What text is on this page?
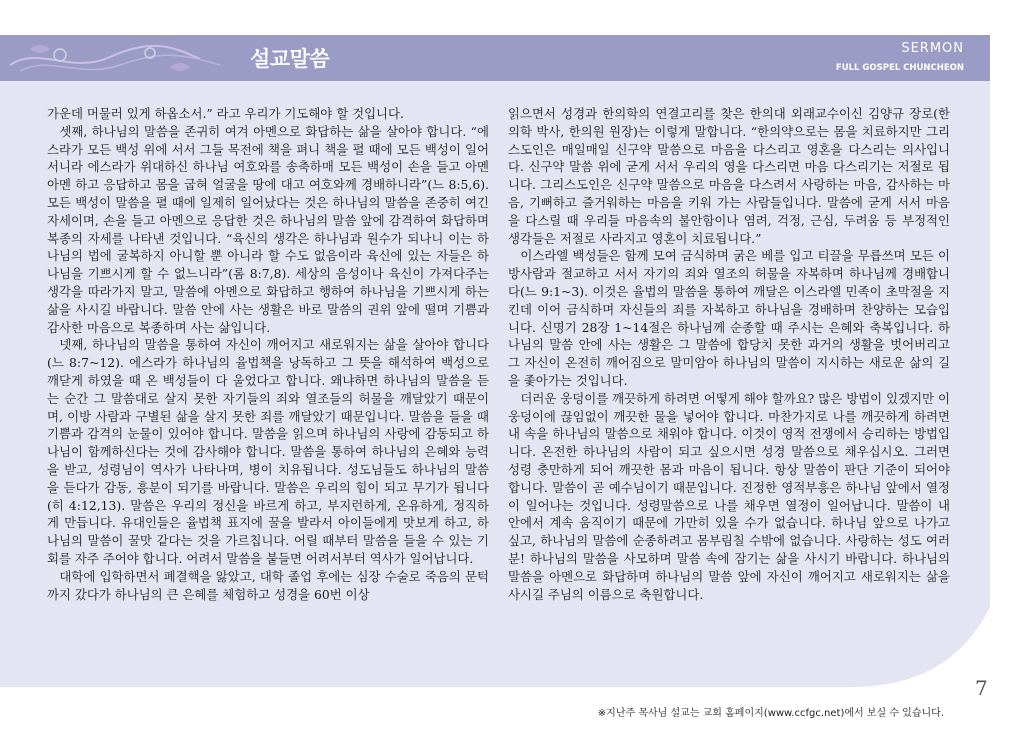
설교말씀	SERMON
FULL GOSPEL CHUNCHEON

가운데 머물러 있게 하옵소서.” 라고 우리가 기도해야 할 것입니다.

셋째, 하나님의 말씀을 존귀히 여겨 아멘으로 화답하는 삶을 살아야 합니다. “에스라가 모든 백성 위에 서서 그들 목전에 책을 펴니 책을 펼 때에 모든 백성이 일어서니라 에스라가 위대하신 하나님 여호와를 송축하매 모든 백성이 손을 들고 아멘 아멘 하고 응답하고 몸을 굽혀 얼굴을 땅에 대고 여호와께 경배하니라”(느 8:5,6). 모든 백성이 말씀을 펼 때에 일제히 일어났다는 것은 하나님의 말씀을 존중히 여긴 자세이며, 손을 들고 아멘으로 응답한 것은 하나님의 말씀 앞에 감격하여 화답하며 복종의 자세를 나타낸 것입니다. “육신의 생각은 하나님과 원수가 되나니 이는 하나님의 법에 굴복하지 아니할 뿐 아니라 할 수도 없음이라 육신에 있는 자들은 하나님을 기쁘시게 할 수 없느니라”(롬 8:7,8). 세상의 음성이나 육신이 가져다주는 생각을 따라가지 말고, 말씀에 아멘으로 화답하고 행하여 하나님을 기쁘시게 하는 삶을 사시길 바랍니다. 말씀 안에 사는 생활은 바로 말씀의 권위 앞에 떨며 기쁨과 감사한 마음으로 복종하며 사는 삶입니다.

넷째, 하나님의 말씀을 통하여 자신이 깨어지고 새로워지는 삶을 살아야 합니다(느 8:7~12). 에스라가 하나님의 율법책을 낭독하고 그 뜻을 해석하여 백성으로 깨닫게 하였을 때 온 백성들이 다 울었다고 합니다. 왜냐하면 하나님의 말씀을 듣는 순간 그 말씀대로 살지 못한 자기들의 죄와 열조들의 허물을 깨달았기 때문이며, 이방 사람과 구별된 삶을 살지 못한 죄를 깨달았기 때문입니다. 말씀을 들을 때 기쁨과 감격의 눈물이 있어야 합니다. 말씀을 읽으며 하나님의 사랑에 감동되고 하나님이 함께하신다는 것에 감사해야 합니다. 말씀을 통하여 하나님의 은혜와 능력을 받고, 성령님이 역사가 나타나며, 병이 치유됩니다. 성도님들도 하나님의 말씀을 듣다가 감동, 흥분이 되기를 바랍니다. 말씀은 우리의 힘이 되고 무기가 됩니다(히 4:12,13). 말씀은 우리의 정신을 바르게 하고, 부지런하게, 온유하게, 정직하게 만듭니다. 유대인들은 율법책 표지에 꿀을 발라서 아이들에게 맛보게 하고, 하나님의 말씀이 꿀맛 같다는 것을 가르칩니다. 어릴 때부터 말씀을 들을 수 있는 기회를 자주 주어야 합니다. 어려서 말씀을 붙들면 어려서부터 역사가 일어납니다.

대학에 입학하면서 폐결핵을 앓았고, 대학 졸업 후에는 심장 수술로 죽음의 문턱까지 갔다가 하나님의 큰 은혜를 체험하고 성경을 60번 이상

읽으면서 성경과 한의학의 연결고리를 찾은 한의대 외래교수이신 김양규 장로(한의학 박사, 한의원 원장)는 이렇게 말합니다. “한의약으로는 몸을 치료하지만 그리스도인은 매일매일 신구약 말씀으로 마음을 다스리고 영혼을 다스리는 의사입니다. 신구약 말씀 위에 굳게 서서 우리의 영을 다스리면 마음 다스리기는 저절로 됩니다. 그리스도인은 신구약 말씀으로 마음을 다스려서 사랑하는 마음, 감사하는 마음, 기뻐하고 즐거워하는 마음을 키워 가는 사람들입니다. 말씀에 굳게 서서 마음을 다스릴 때 우리들 마음속의 불안함이나 염려, 걱정, 근심, 두려움 등 부정적인 생각들은 저절로 사라지고 영혼이 치료됩니다.”

이스라엘 백성들은 함께 모여 금식하며 굵은 베를 입고 티끌을 무릅쓰며 모든 이방사람과 절교하고 서서 자기의 죄와 열조의 허물을 자복하며 하나님께 경배합니다(느 9:1~3). 이것은 율법의 말씀을 통하여 깨달은 이스라엘 민족이 초막절을 지킨데 이어 금식하며 자신들의 죄를 자복하고 하나님을 경배하며 찬양하는 모습입니다. 신명기 28장 1~14절은 하나님께 순종할 때 주시는 은혜와 축복입니다. 하나님의 말씀 안에 사는 생활은 그 말씀에 합당치 못한 과거의 생활을 벗어버리고 그 자신이 온전히 깨어짐으로 말미암아 하나님의 말씀이 지시하는 새로운 삶의 길을 좇아가는 것입니다.

더러운 웅덩이를 깨끗하게 하려면 어떻게 해야 할까요? 많은 방법이 있겠지만 이 웅덩이에 끊임없이 깨끗한 물을 넣어야 합니다. 마찬가지로 나를 깨끗하게 하려면 내 속을 하나님의 말씀으로 채워야 합니다. 이것이 영적 전쟁에서 승리하는 방법입니다. 온전한 하나님의 사람이 되고 싶으시면 성경 말씀으로 채우십시오. 그러면 성령 충만하게 되어 깨끗한 몸과 마음이 됩니다. 항상 말씀이 판단 기준이 되어야 합니다. 말씀이 곧 예수님이기 때문입니다. 진정한 영적부흥은 하나님 앞에서 열정이 일어나는 것입니다. 성령말씀으로 나를 채우면 열정이 일어납니다. 말씀이 내 안에서 계속 움직이기 때문에 가만히 있을 수가 없습니다. 하나님 앞으로 나가고 싶고, 하나님의 말씀에 순종하려고 몸부림칠 수밖에 없습니다. 사랑하는 성도 여러분! 하나님의 말씀을 사모하며 말씀 속에 잠기는 삶을 사시기 바랍니다. 하나님의 말씀을 아멘으로 화답하며 하나님의 말씀 앞에 자신이 깨어지고 새로워지는 삶을 사시길 주님의 이름으로 축원합니다.

7
※지난주 목사님 설교는 교회 홈페이지(www.ccfgc.net)에서 보실 수 있습니다.
